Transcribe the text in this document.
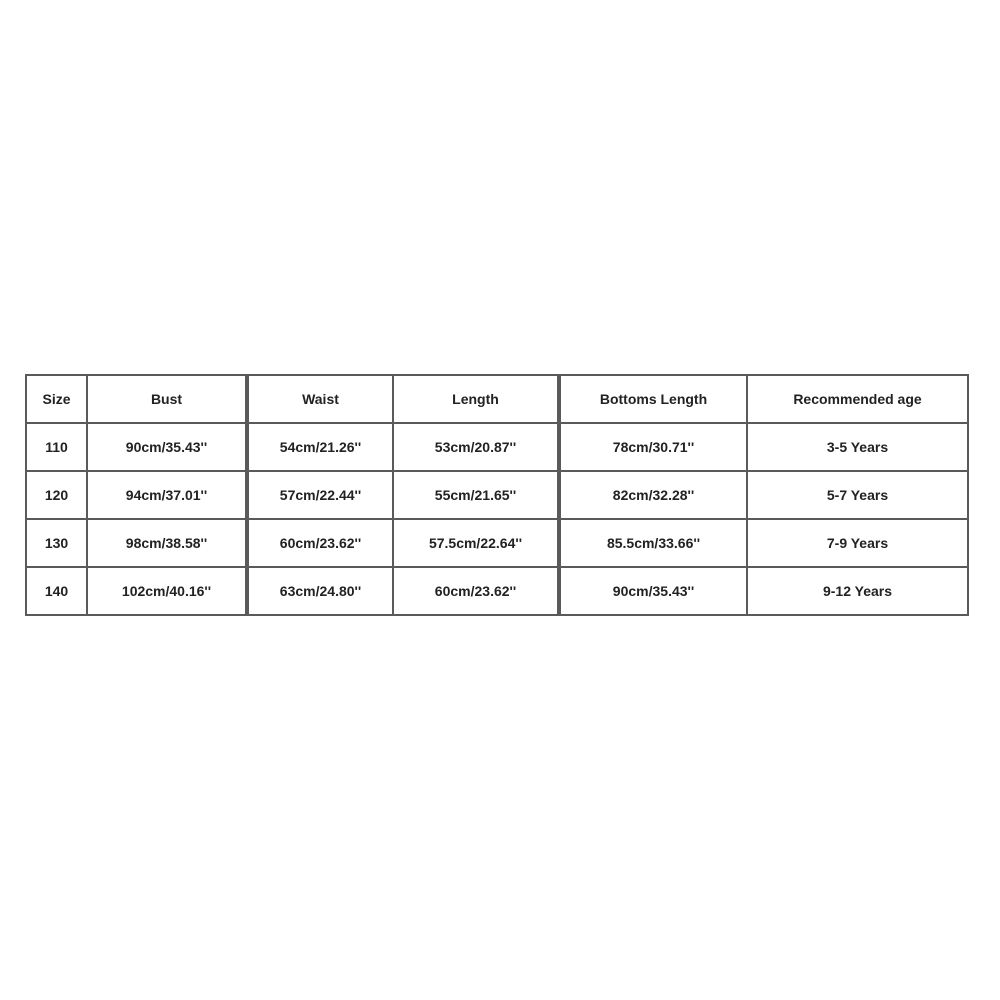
Size	Bust	Waist	Length	Bottoms Length	Recommended age
110	90cm/35.43''	54cm/21.26''	53cm/20.87''	78cm/30.71''	3-5 Years
120	94cm/37.01''	57cm/22.44''	55cm/21.65''	82cm/32.28''	5-7 Years
130	98cm/38.58''	60cm/23.62''	57.5cm/22.64''	85.5cm/33.66''	7-9 Years
140	102cm/40.16''	63cm/24.80''	60cm/23.62''	90cm/35.43''	9-12 Years
